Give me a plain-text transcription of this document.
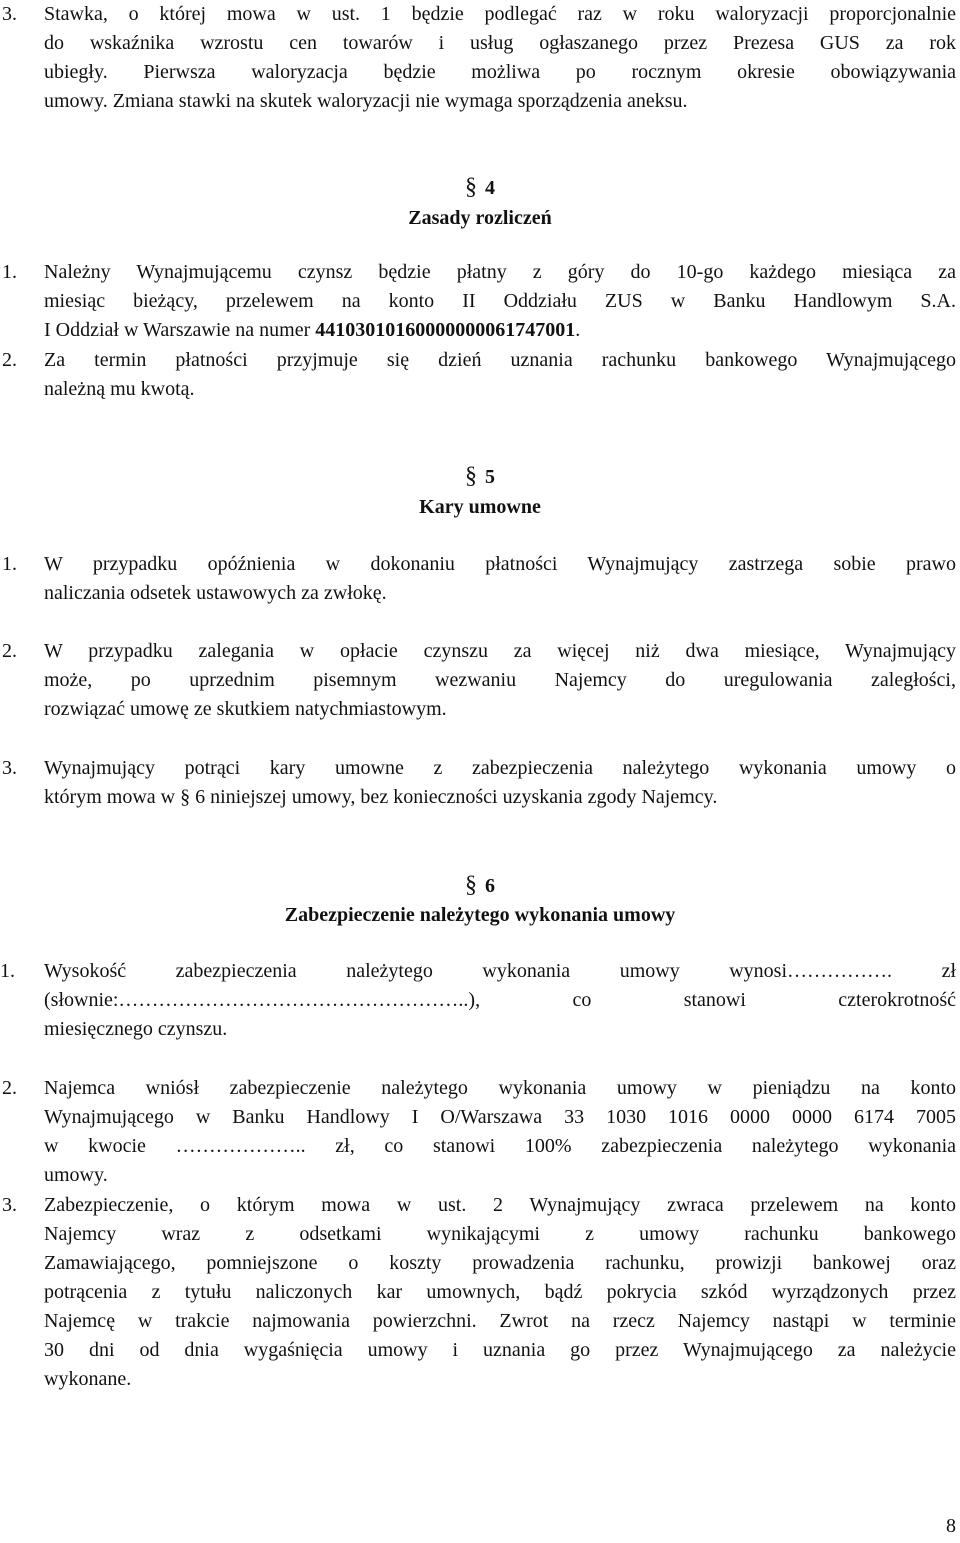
3. Stawka, o której mowa w ust. 1 będzie podlegać raz w roku waloryzacji proporcjonalnie
do wskaźnika wzrostu cen towarów i usług ogłaszanego przez Prezesa GUS za rok
ubiegły. Pierwsza waloryzacja będzie możliwa po rocznym okresie obowiązywania
umowy. Zmiana stawki na skutek waloryzacji nie wymaga sporządzenia aneksu.
§ 4
Zasady rozliczeń
1. Należny Wynajmującemu czynsz będzie płatny z góry do 10-go każdego miesiąca za
miesiąc bieżący, przelewem na konto II Oddziału ZUS w Banku Handlowym S.A.
I Oddział w Warszawie na numer 44103010160000000061747001.
2. Za termin płatności przyjmuje się dzień uznania rachunku bankowego Wynajmującego
należną mu kwotą.
§ 5
Kary umowne
1. W przypadku opóźnienia w dokonaniu płatności Wynajmujący zastrzega sobie prawo
naliczania odsetek ustawowych za zwłokę.
2. W przypadku zalegania w opłacie czynszu za więcej niż dwa miesiące, Wynajmujący
może, po uprzednim pisemnym wezwaniu Najemcy do uregulowania zaległości,
rozwiązać umowę ze skutkiem natychmiastowym.
3. Wynajmujący potrąci kary umowne z zabezpieczenia należytego wykonania umowy o
którym mowa w § 6 niniejszej umowy, bez konieczności uzyskania zgody Najemcy.
§ 6
Zabezpieczenie należytego wykonania umowy
1. Wysokość zabezpieczenia należytego wykonania umowy wynosi……………. zł
(słownie:……………………………………………..), co stanowi czterokrotność
miesięcznego czynszu.
2. Najemca wniósł zabezpieczenie należytego wykonania umowy w pieniądzu na konto
Wynajmującego w Banku Handlowy I O/Warszawa 33 1030 1016 0000 0000 6174 7005
w kwocie ……………….. zł, co stanowi 100% zabezpieczenia należytego wykonania
umowy.
3. Zabezpieczenie, o którym mowa w ust. 2 Wynajmujący zwraca przelewem na konto
Najemcy wraz z odsetkami wynikającymi z umowy rachunku bankowego
Zamawiającego, pomniejszone o koszty prowadzenia rachunku, prowizji bankowej oraz
potrącenia z tytułu naliczonych kar umownych, bądź pokrycia szkód wyrządzonych przez
Najemcę w trakcie najmowania powierzchni. Zwrot na rzecz Najemcy nastąpi w terminie
30 dni od dnia wygaśnięcia umowy i uznania go przez Wynajmującego za należycie
wykonane.
8
